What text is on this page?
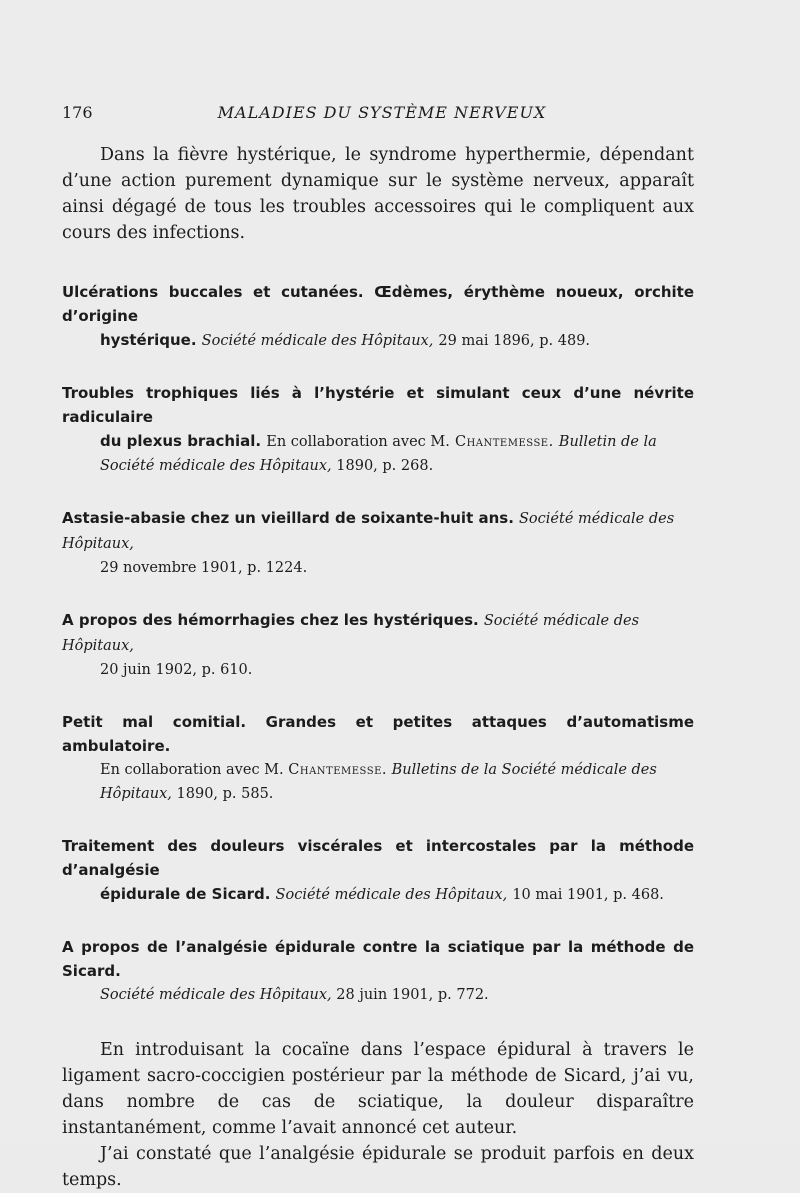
176	MALADIES DU SYSTÈME NERVEUX

Dans la fièvre hystérique, le syndrome hyperthermie, dépendant d’une action purement dynamique sur le système nerveux, apparaît ainsi dégagé de tous les troubles accessoires qui le compliquent aux cours des infections.

Ulcérations buccales et cutanées. Œdèmes, érythème noueux, orchite d’origine
hystérique. Société médicale des Hôpitaux, 29 mai 1896, p. 489.
Troubles trophiques liés à l’hystérie et simulant ceux d’une névrite radiculaire
du plexus brachial. En collaboration avec M. Chantemesse. Bulletin de la
Société médicale des Hôpitaux, 1890, p. 268.
Astasie-abasie chez un vieillard de soixante-huit ans. Société médicale des Hôpitaux,
29 novembre 1901, p. 1224.
A propos des hémorrhagies chez les hystériques. Société médicale des Hôpitaux,
20 juin 1902, p. 610.
Petit mal comitial. Grandes et petites attaques d’automatisme ambulatoire.
En collaboration avec M. Chantemesse. Bulletins de la Société médicale des
Hôpitaux, 1890, p. 585.
Traitement des douleurs viscérales et intercostales par la méthode d’analgésie
épidurale de Sicard. Société médicale des Hôpitaux, 10 mai 1901, p. 468.
A propos de l’analgésie épidurale contre la sciatique par la méthode de Sicard.
Société médicale des Hôpitaux, 28 juin 1901, p. 772.

En introduisant la cocaïne dans l’espace épidural à travers le ligament sacro-coccigien postérieur par la méthode de Sicard, j’ai vu, dans nombre de cas de sciatique, la douleur disparaître instantanément, comme l’avait annoncé cet auteur.

J’ai constaté que l’analgésie épidurale se produit parfois en deux temps.
